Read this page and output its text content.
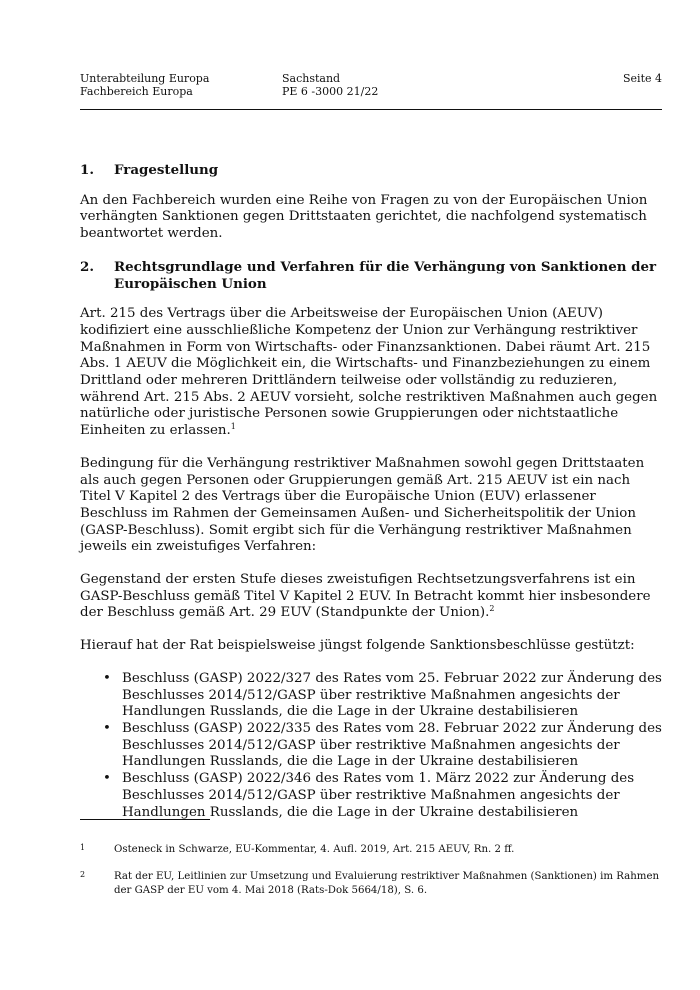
Unterabteilung Europa
Fachbereich Europa
Sachstand
PE 6 -3000 21/22
Seite 4
1. Fragestellung

An den Fachbereich wurden eine Reihe von Fragen zu von der Europäischen Union verhängten Sanktionen gegen Drittstaaten gerichtet, die nachfolgend systematisch beantwortet werden.

2. Rechtsgrundlage und Verfahren für die Verhängung von Sanktionen der Europäischen Union

Art. 215 des Vertrags über die Arbeitsweise der Europäischen Union (AEUV) kodifiziert eine ausschließliche Kompetenz der Union zur Verhängung restriktiver Maßnahmen in Form von Wirtschafts- oder Finanzsanktionen. Dabei räumt Art. 215 Abs. 1 AEUV die Möglichkeit ein, die Wirtschafts- und Finanzbeziehungen zu einem Drittland oder mehreren Drittländern teilweise oder vollständig zu reduzieren, während Art. 215 Abs. 2 AEUV vorsieht, solche restriktiven Maßnahmen auch gegen natürliche oder juristische Personen sowie Gruppierungen oder nichtstaatliche Einheiten zu erlassen.$^1$

Bedingung für die Verhängung restriktiver Maßnahmen sowohl gegen Drittstaaten als auch gegen Personen oder Gruppierungen gemäß Art. 215 AEUV ist ein nach Titel V Kapitel 2 des Vertrags über die Europäische Union (EUV) erlassener Beschluss im Rahmen der Gemeinsamen Außen- und Sicherheitspolitik der Union (GASP-Beschluss). Somit ergibt sich für die Verhängung restriktiver Maßnahmen jeweils ein zweistufiges Verfahren:

Gegenstand der ersten Stufe dieses zweistufigen Rechtsetzungsverfahrens ist ein GASP-Beschluss gemäß Titel V Kapitel 2 EUV. In Betracht kommt hier insbesondere der Beschluss gemäß Art. 29 EUV (Standpunkte der Union).$^2$

Hierauf hat der Rat beispielsweise jüngst folgende Sanktionsbeschlüsse gestützt:

• Beschluss (GASP) 2022/327 des Rates vom 25. Februar 2022 zur Änderung des Beschlusses 2014/512/GASP über restriktive Maßnahmen angesichts der Handlungen Russlands, die die Lage in der Ukraine destabilisieren
• Beschluss (GASP) 2022/335 des Rates vom 28. Februar 2022 zur Änderung des Beschlusses 2014/512/GASP über restriktive Maßnahmen angesichts der Handlungen Russlands, die die Lage in der Ukraine destabilisieren
• Beschluss (GASP) 2022/346 des Rates vom 1. März 2022 zur Änderung des Beschlusses 2014/512/GASP über restriktive Maßnahmen angesichts der Handlungen Russlands, die die Lage in der Ukraine destabilisieren
1	Osteneck in Schwarze, EU-Kommentar, 4. Aufl. 2019, Art. 215 AEUV, Rn. 2 ff.
2	Rat der EU, Leitlinien zur Umsetzung und Evaluierung restriktiver Maßnahmen (Sanktionen) im Rahmen der GASP der EU vom 4. Mai 2018 (Rats-Dok 5664/18), S. 6.
